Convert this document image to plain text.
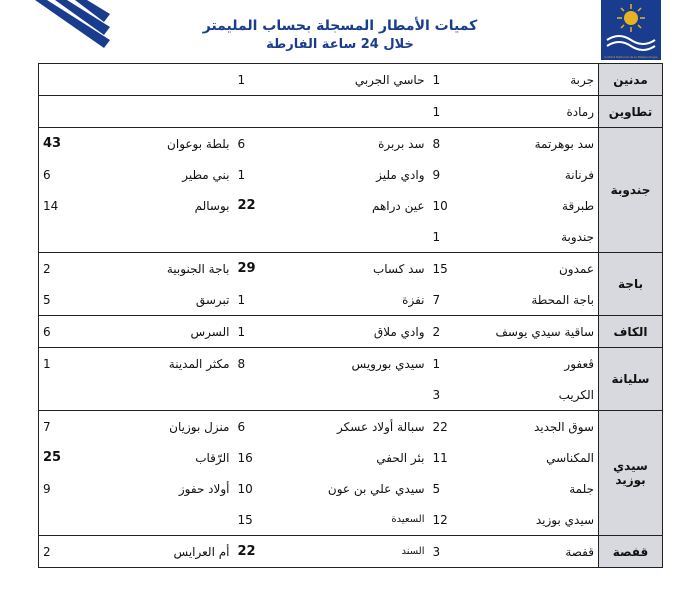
كميات الأمطار المسجلة بحساب المليمتر
خلال 24 ساعة الفارطة
Institut National de la Météorologie
		1	حاسي الجربي	1	جربة	مدنين
				1	رمادة	تطاوين
43	بلطة بوعوان	6	سد بربرة	8	سد بوهرتمة	جندوبة
6	بني مطير	1	وادي مليز	9	فرنانة	
14	بوسالم	22	عين دراهم	10	طبرقة	
				1	جندوبة	
2	باجة الجنوبية	29	سد كساب	15	عمدون	باجة
5	تبرسق	1	نفزة	7	باجة المحطة	
6	السرس	1	وادي ملاق	2	ساقية سيدي يوسف	الكاف
1	مكثر المدينة	8	سيدي بورويس	1	ڤعفور	سليانة
				3	الكريب	
7	منزل بوزيان	6	سبالة أولاد عسكر	22	سوق الجديد	سيدي بوزيد
25	الرّقاب	16	بئر الحفي	11	المكناسي	
9	أولاد حفوز	10	سيدي علي بن عون	5	جلمة	
		15	السعيدة	12	سيدي بوزيد	
2	أم العرايس	22	السند	3	قفصة	قفصة
